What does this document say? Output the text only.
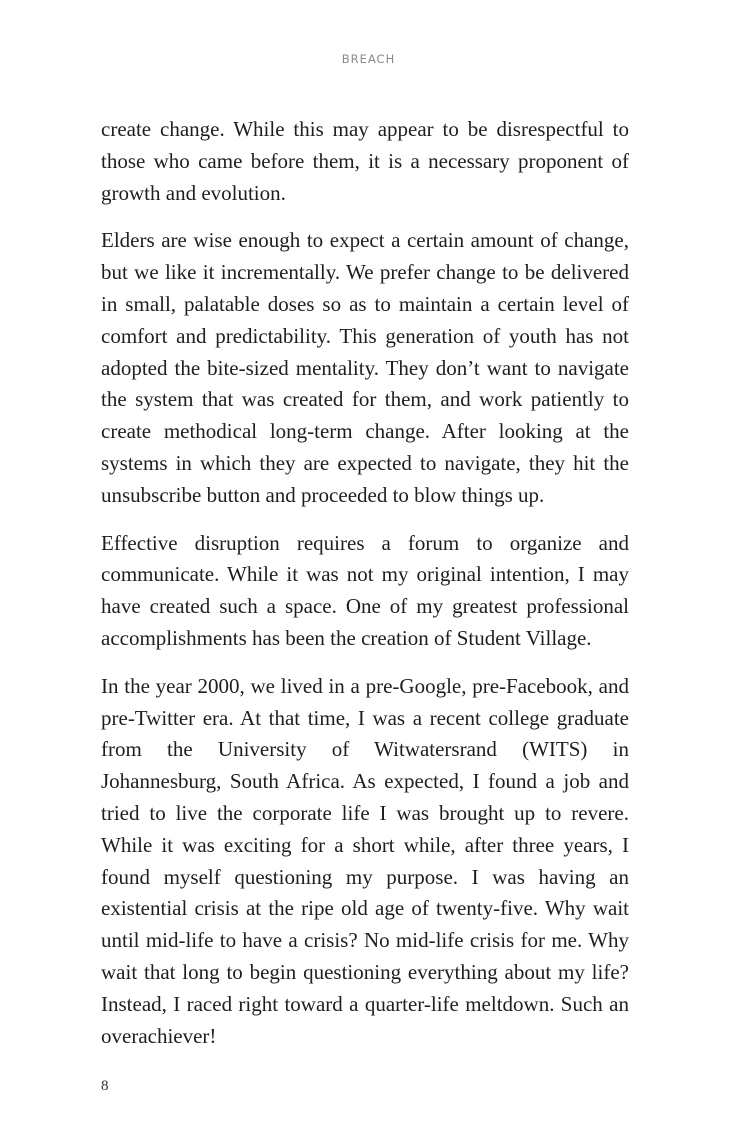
BREACH

create change. While this may appear to be disrespectful to those who came before them, it is a necessary proponent of growth and evolution.

Elders are wise enough to expect a certain amount of change, but we like it incrementally. We prefer change to be delivered in small, palatable doses so as to maintain a certain level of comfort and predictability. This generation of youth has not adopted the bite-sized mentality. They don’t want to navigate the system that was created for them, and work patiently to create methodical long-term change. After looking at the systems in which they are expected to navigate, they hit the unsubscribe button and proceeded to blow things up.

Effective disruption requires a forum to organize and communicate. While it was not my original intention, I may have created such a space. One of my greatest professional accomplishments has been the creation of Student Village.

In the year 2000, we lived in a pre-Google, pre-Facebook, and pre-Twitter era. At that time, I was a recent college graduate from the University of Witwatersrand (WITS) in Johannesburg, South Africa. As expected, I found a job and tried to live the corporate life I was brought up to revere. While it was exciting for a short while, after three years, I found myself questioning my purpose. I was having an existential crisis at the ripe old age of twenty-five. Why wait until mid-life to have a crisis? No mid-life crisis for me. Why wait that long to begin questioning everything about my life? Instead, I raced right toward a quarter-life meltdown. Such an overachiever!

8
